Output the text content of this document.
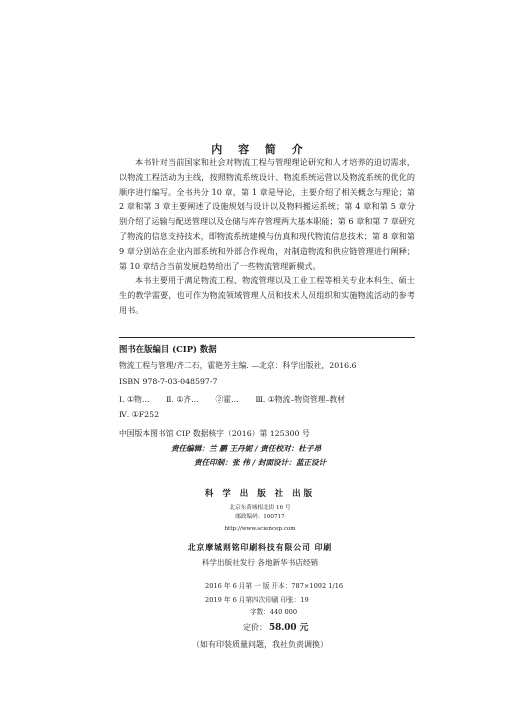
内 容 简 介

本书针对当前国家和社会对物流工程与管理理论研究和人才培养的迫切需求，以物流工程活动为主线，按照物流系统设计、物流系统运营以及物流系统的优化的顺序进行编写。全书共分 10 章，第 1 章是导论，主要介绍了相关概念与理论；第 2 章和第 3 章主要阐述了设施规划与设计以及物料搬运系统；第 4 章和第 5 章分别介绍了运输与配送管理以及仓储与库存管理两大基本职能；第 6 章和第 7 章研究了物流的信息支持技术，即物流系统建模与仿真和现代物流信息技术；第 8 章和第 9 章分别站在企业内部系统和外部合作视角，对制造物流和供应链管理进行阐释；第 10 章结合当前发展趋势给出了一些物流管理新模式。

本书主要用于满足物流工程、物流管理以及工业工程等相关专业本科生、硕士生的教学需要，也可作为物流领域管理人员和技术人员组织和实施物流活动的参考用书。

图书在版编目 (CIP) 数据
物流工程与管理/齐二石，霍艳芳主编. —北京：科学出版社，2016.6
ISBN 978-7-03-048597-7
Ⅰ. ①物… Ⅱ. ①齐… ②霍… Ⅲ. ①物流–物资管理–教材
Ⅳ. ①F252
中国版本图书馆 CIP 数据核字（2016）第 125300 号
责任编辑：兰 鹏 王丹妮 / 责任校对：杜子昂
责任印制：张 伟 / 封面设计：蓝正设计
科 学 出 版 社 出版
北京东黄城根北街 16 号
邮政编码：100717
http://www.sciencep.com
北京摩城则铭印刷科技有限公司 印刷
科学出版社发行 各地新华书店经销
2016 年 6 月第 一 版 开本：787×1092 1/16
2019 年 6 月第四次印刷 印张：19
字数：440 000
定价： 58.00 元
（如有印装质量问题，我社负责调换）
